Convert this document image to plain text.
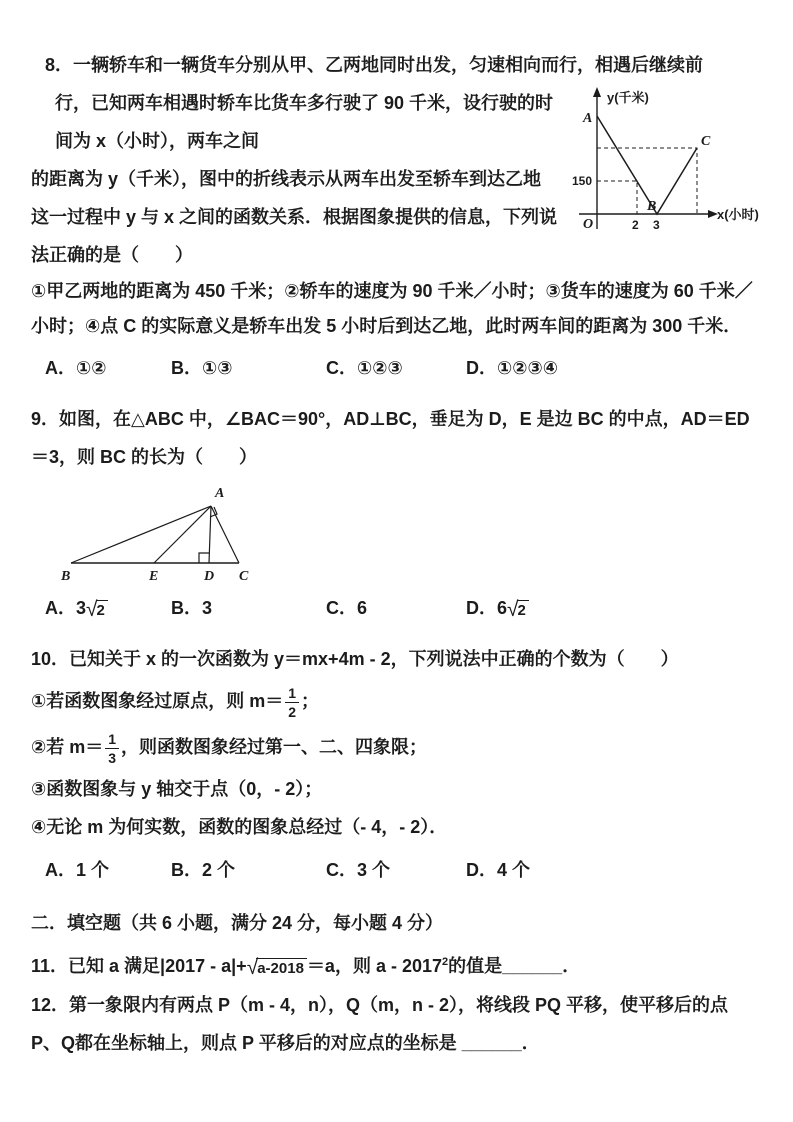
8．一辆轿车和一辆货车分别从甲、乙两地同时出发，匀速相向而行，相遇后继续前
y(千米)
x(小时)
A
B
C
150
O	2 3
行，已知两车相遇时轿车比货车多行驶了 90 千米，设行驶的时
间为 x（小时），两车之间
的距离为 y（千米），图中的折线表示从两车出发至轿车到达乙地
这一过程中 y 与 x 之间的函数关系．根据图象提供的信息，下列说
法正确的是（　　）

①甲乙两地的距离为 450 千米；②轿车的速度为 90 千米／小时；③货车的速度为 60 千米／小时；④点 C 的实际意义是轿车出发 5 小时后到达乙地，此时两车间的距离为 300 千米．

A．①②	B．①③	C．①②③	D．①②③④
9．如图，在△ABC 中，∠BAC＝90°，AD⊥BC，垂足为 D，E 是边 BC 的中点，AD＝ED
＝3，则 BC 的长为（　　）
A
B	E	D C
A．3 √ 2	B．3	C．6	D．6 √ 2
10．已知关于 x 的一次函数为 y＝mx+4m - 2，下列说法中正确的个数为（　　）
①若函数图象经过原点，则 $m= \frac{1}{2}$ ；
②若 $m= \frac{1}{3}$ ，则函数图象经过第一、二、四象限；
③函数图象与 y 轴交于点（0，- 2）；
④无论 m 为何实数，函数的图象总经过（- 4，- 2）．
A．1 个	B．2 个	C．3 个	D．4 个
二．填空题（共 6 小题，满分 24 分，每小题 4 分）
11．已知 a 满足|2017 - a|+ √ a-2018 ＝a，则 a - 2017$^2$的值是______．
12．第一象限内有两点 P（m - 4，n），Q（m，n - 2），将线段 PQ 平移，使平移后的点
P、Q都在坐标轴上，则点 P 平移后的对应点的坐标是 ______．
